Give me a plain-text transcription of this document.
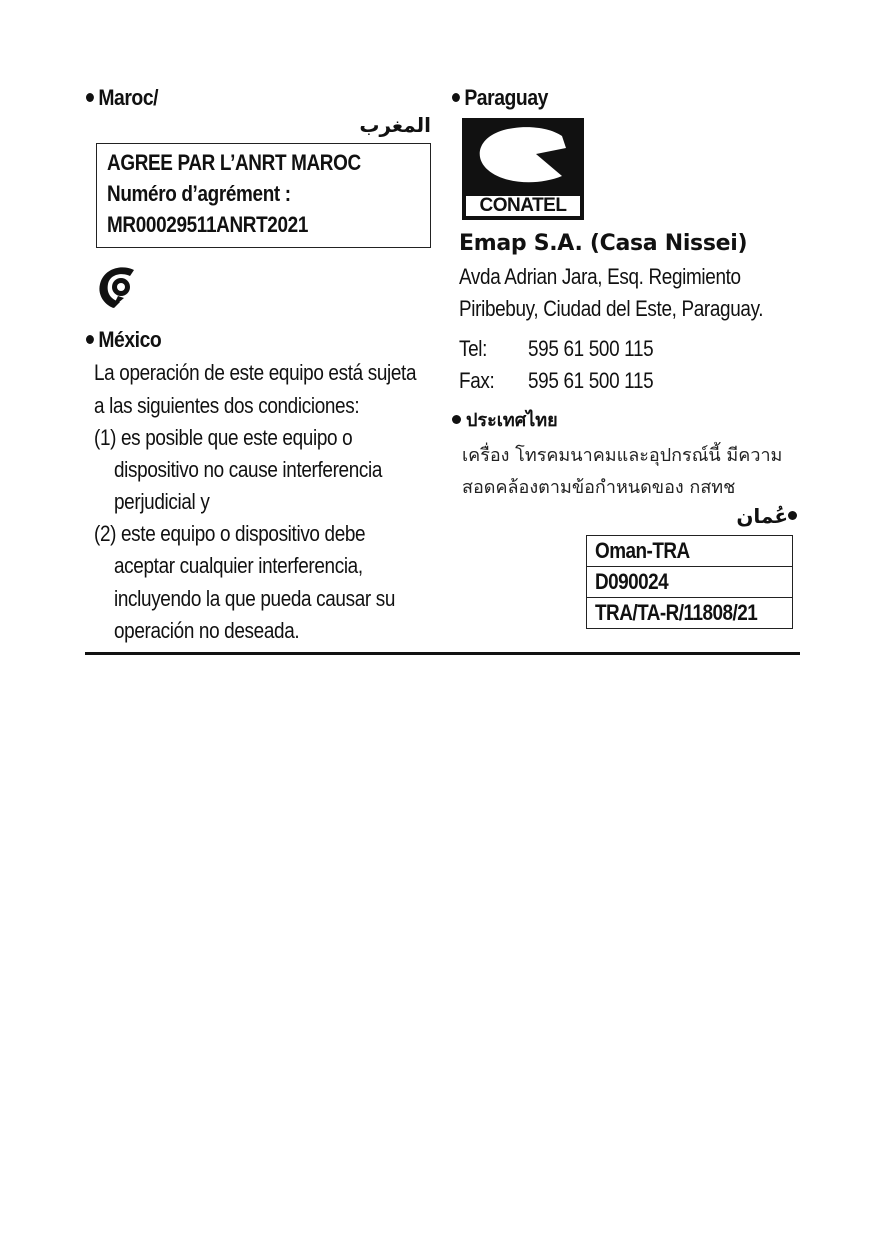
Maroc/
المغرب
AGREE PAR L’ANRT MAROC
Numéro d’agrément :
MR00029511ANRT2021
México
La operación de este equipo está sujeta
a las siguientes dos condiciones:
(1) es posible que este equipo o
dispositivo no cause interferencia
perjudicial y
(2) este equipo o dispositivo debe
aceptar cualquier interferencia,
incluyendo la que pueda causar su
operación no deseada.
Paraguay
CONATEL
Emap S.A. (Casa Nissei)
Avda Adrian Jara, Esq. Regimiento
Piribebuy, Ciudad del Este, Paraguay.
Tel: 595 61 500 115
Fax: 595 61 500 115
ประเทศไทย
เครื่อง โทรคมนาคมและอุปกรณ์นี้ มีความ
สอดคล้องตามข้อกำหนดของ กสทช
عُمان
Oman-TRA
D090024
TRA/TA-R/11808/21
